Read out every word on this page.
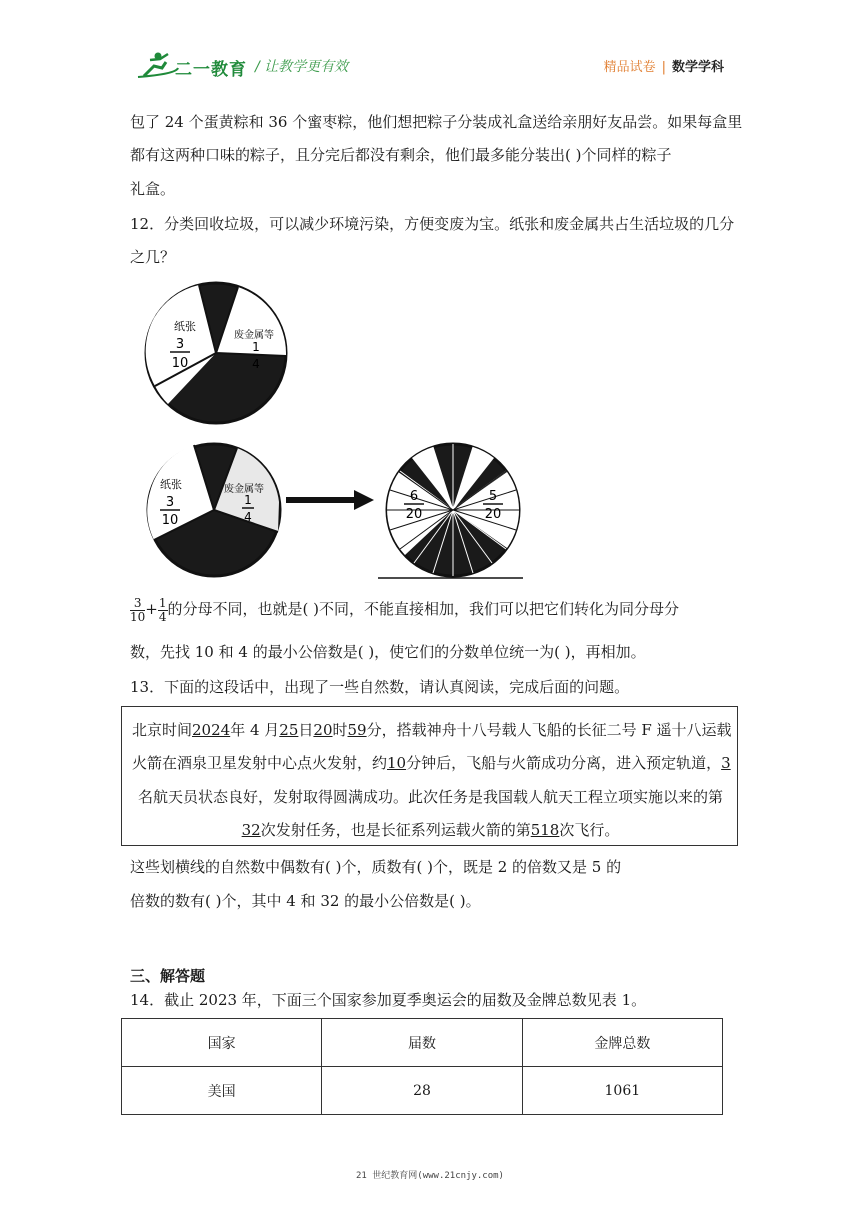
二一教育 / 让教学更有效	精品试卷 | 数学学科
包了 24 个蛋黄粽和 36 个蜜枣粽，他们想把粽子分装成礼盒送给亲朋好友品尝。如果每盒里
都有这两种口味的粽子，且分完后都没有剩余，他们最多能分装出( )个同样的粽子
礼盒。
12．分类回收垃圾，可以减少环境污染，方便变废为宝。纸张和废金属共占生活垃圾的几分
之几？
纸张
3
10
废金属等
1
4
纸张
3
10
废金属等
1
4
6
20
5
20
$\frac{3}{10} + \frac{1}{4}$ 的分母不同，也就是( )不同，不能直接相加，我们可以把它们转化为同分母分
数，先找 10 和 4 的最小公倍数是( )，使它们的分数单位统一为( )，再相加。
13．下面的这段话中，出现了一些自然数，请认真阅读，完成后面的问题。
北京时间2024年 4 月25日20时59分，搭载神舟十八号载人飞船的长征二号 F 遥十八运载
火箭在酒泉卫星发射中心点火发射，约10分钟后，飞船与火箭成功分离，进入预定轨道，3
名航天员状态良好，发射取得圆满成功。此次任务是我国载人航天工程立项实施以来的第
32次发射任务，也是长征系列运载火箭的第518次飞行。
这些划横线的自然数中偶数有( )个，质数有( )个，既是 2 的倍数又是 5 的
倍数的数有( )个，其中 4 和 32 的最小公倍数是( )。
三、解答题
14．截止 2023 年，下面三个国家参加夏季奥运会的届数及金牌总数见表 1。
国家	届数	金牌总数
美国	28	1061
21 世纪教育网(www.21cnjy.com)
